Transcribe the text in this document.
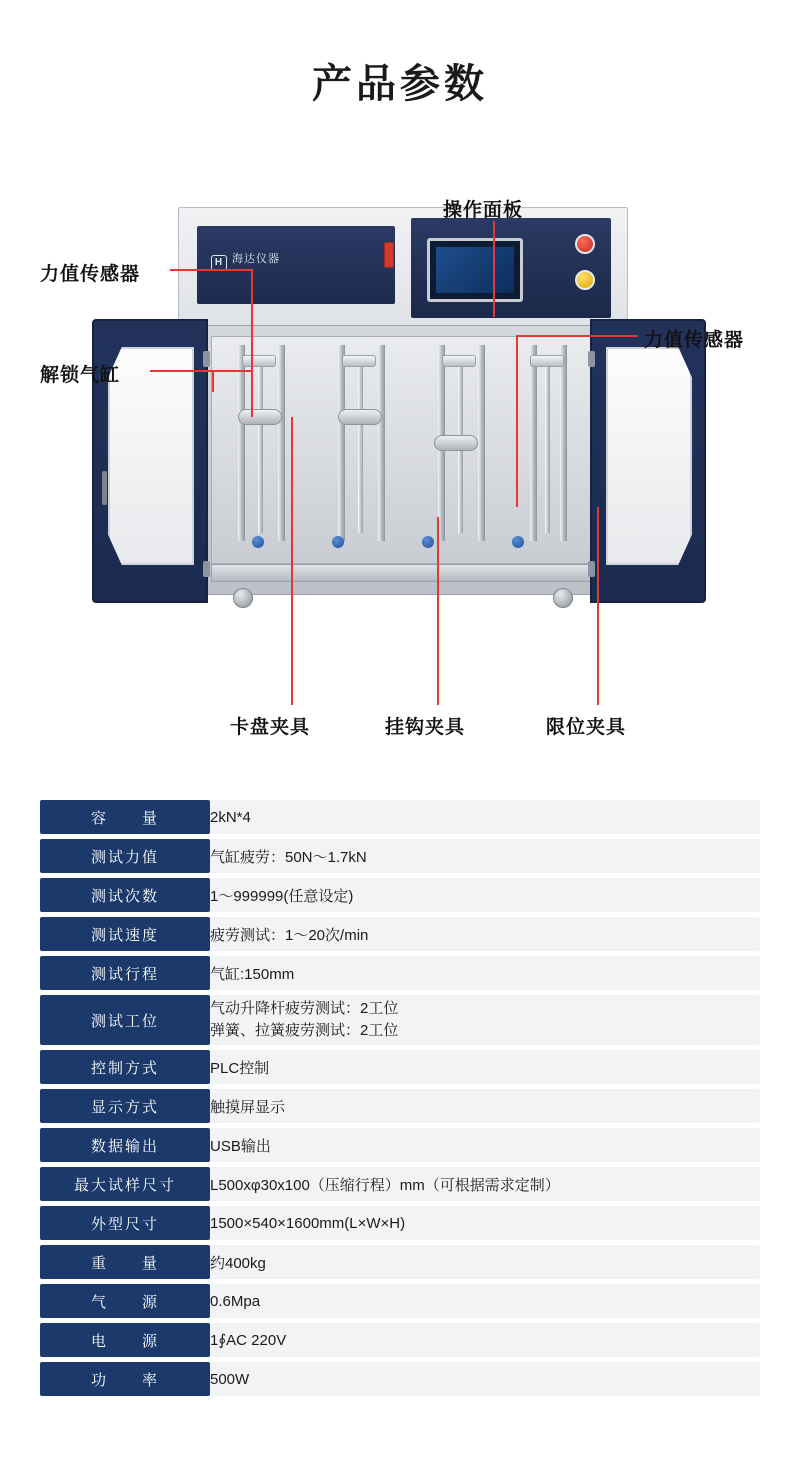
产品参数
H 海达仪器
操作面板
力值传感器
力值传感器
解锁气缸
卡盘夹具	挂钩夹具	限位夹具
容　　量	2kN*4
测试力值	气缸疲劳：50N～1.7kN
测试次数	1～999999(任意设定)
测试速度	疲劳测试：1～20次/min
测试行程	气缸:150mm
测试工位	气动升降杆疲劳测试：2工位
弹簧、拉簧疲劳测试：2工位

控制方式	PLC控制
显示方式	触摸屏显示
数据输出	USB输出
最大试样尺寸	L500xφ30x100（压缩行程）mm（可根据需求定制）
外型尺寸	1500×540×1600mm(L×W×H)
重　　量	约400kg
气　　源	0.6Mpa
电　　源	1∮AC 220V
功　　率	500W
